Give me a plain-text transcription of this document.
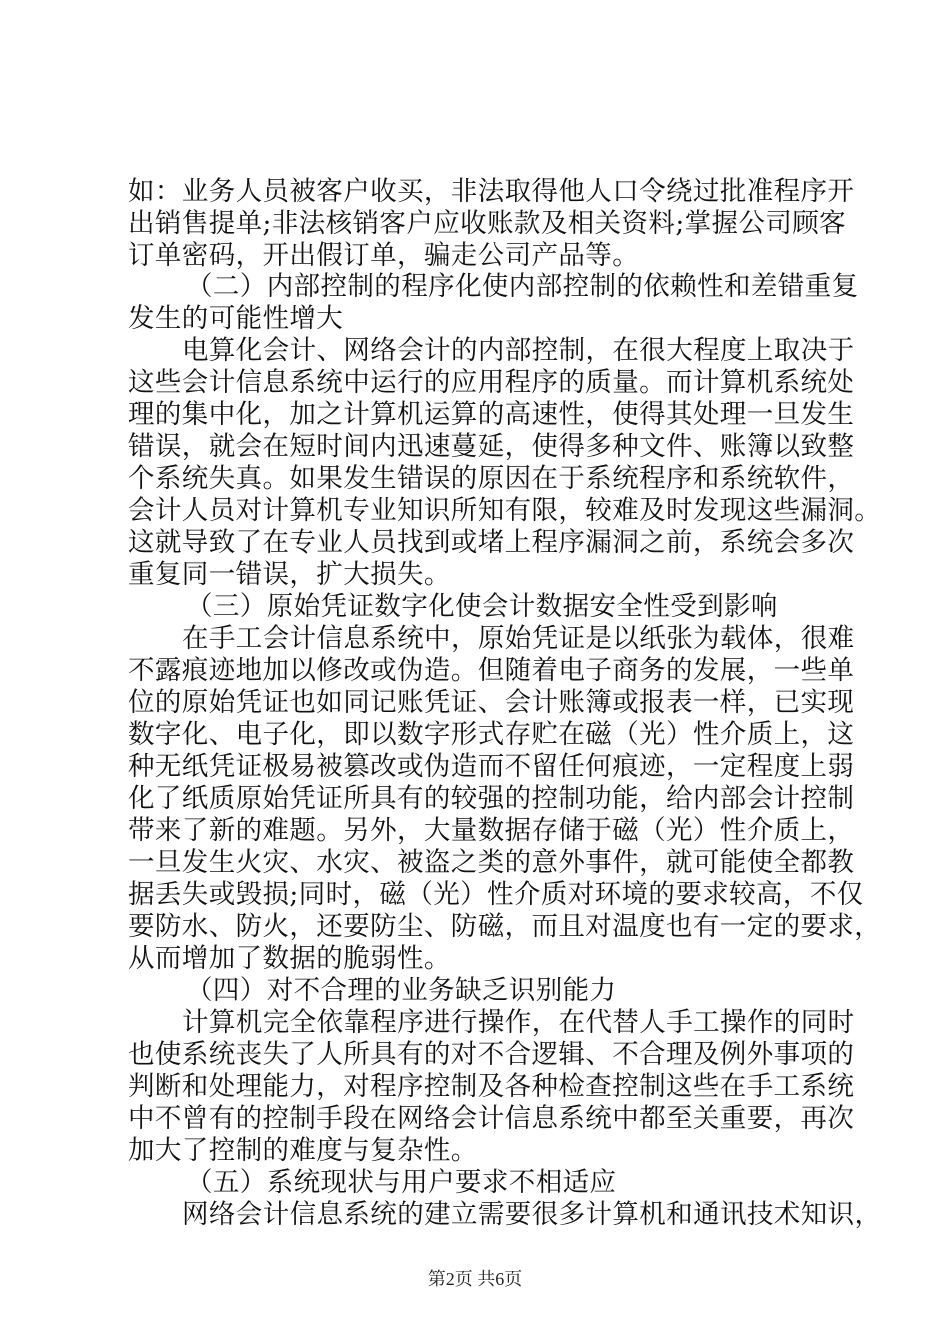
如：业务人员被客户收买，非法取得他人口令绕过批准程序开
出销售提单;非法核销客户应收账款及相关资料;掌握公司顾客
订单密码，开出假订单，骗走公司产品等。
（二）内部控制的程序化使内部控制的依赖性和差错重复
发生的可能性增大
电算化会计、网络会计的内部控制，在很大程度上取决于
这些会计信息系统中运行的应用程序的质量。而计算机系统处
理的集中化，加之计算机运算的高速性，使得其处理一旦发生
错误，就会在短时间内迅速蔓延，使得多种文件、账簿以致整
个系统失真。如果发生错误的原因在于系统程序和系统软件，
会计人员对计算机专业知识所知有限，较难及时发现这些漏洞。
这就导致了在专业人员找到或堵上程序漏洞之前，系统会多次
重复同一错误，扩大损失。
（三）原始凭证数字化使会计数据安全性受到影响
在手工会计信息系统中，原始凭证是以纸张为载体，很难
不露痕迹地加以修改或伪造。但随着电子商务的发展，一些单
位的原始凭证也如同记账凭证、会计账簿或报表一样，已实现
数字化、电子化，即以数字形式存贮在磁（光）性介质上，这
种无纸凭证极易被篡改或伪造而不留任何痕迹，一定程度上弱
化了纸质原始凭证所具有的较强的控制功能，给内部会计控制
带来了新的难题。另外，大量数据存储于磁（光）性介质上，
一旦发生火灾、水灾、被盗之类的意外事件，就可能使全都教
据丢失或毁损;同时，磁（光）性介质对环境的要求较高，不仅
要防水、防火，还要防尘、防磁，而且对温度也有一定的要求，
从而增加了数据的脆弱性。
（四）对不合理的业务缺乏识别能力
计算机完全依靠程序进行操作，在代替人手工操作的同时
也使系统丧失了人所具有的对不合逻辑、不合理及例外事项的
判断和处理能力，对程序控制及各种检查控制这些在手工系统
中不曾有的控制手段在网络会计信息系统中都至关重要，再次
加大了控制的难度与复杂性。
（五）系统现状与用户要求不相适应
网络会计信息系统的建立需要很多计算机和通讯技术知识，
第2页 共6页
